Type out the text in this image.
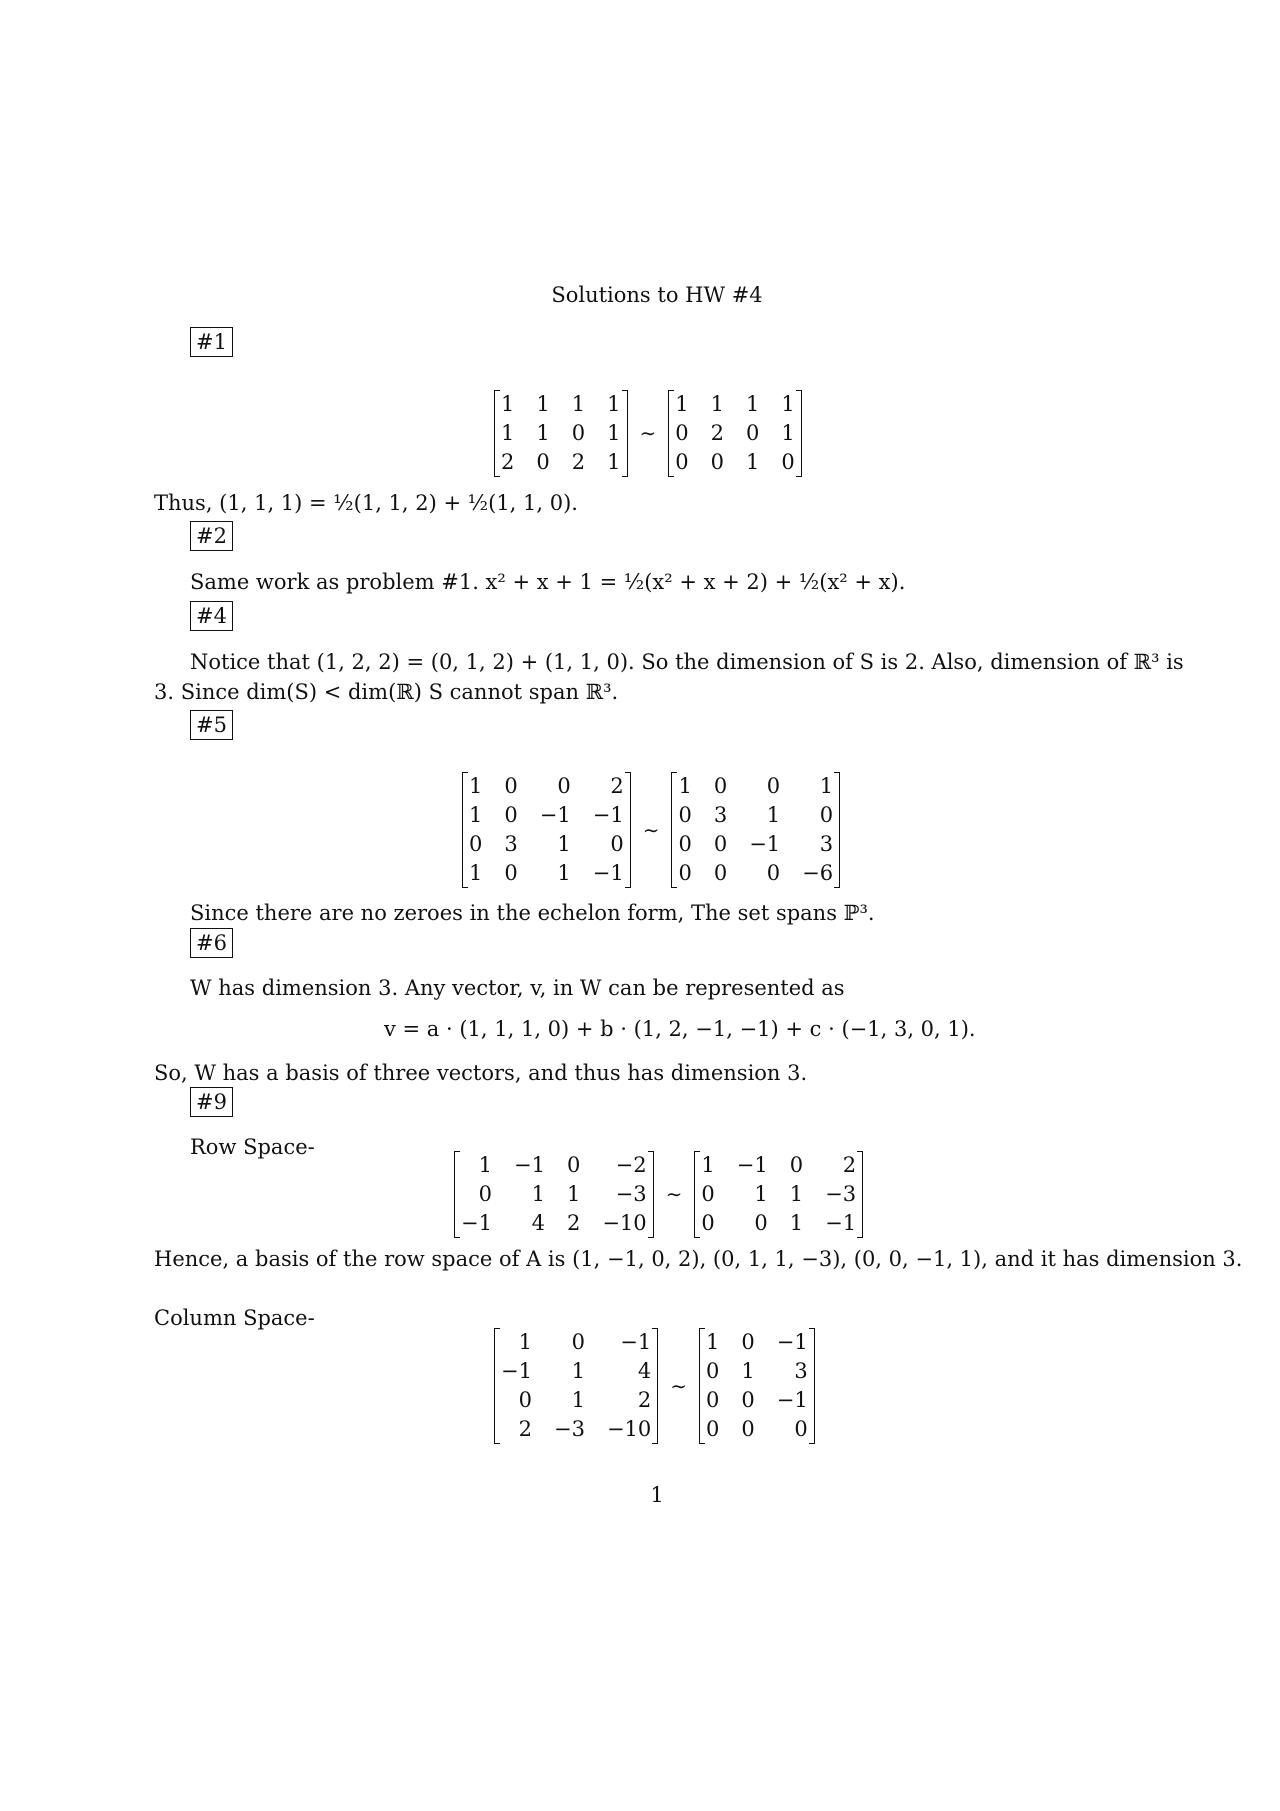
Solutions to HW #4
#1
1	1	1	1
1	1	0	1
2	0	2	1
∼
1	1	1	1
0	2	0	1
0	0	1	0
Thus, (1, 1, 1) = ½(1, 1, 2) + ½(1, 1, 0).
#2
Same work as problem #1. x² + x + 1 = ½(x² + x + 2) + ½(x² + x).
#4
Notice that (1, 2, 2) = (0, 1, 2) + (1, 1, 0). So the dimension of S is 2. Also, dimension of ℝ³ is
3. Since dim(S) < dim(ℝ) S cannot span ℝ³.
#5
1	0	0	2
1	0	−1	−1
0	3	1	0
1	0	1	−1
∼
1	0	0	1
0	3	1	0
0	0	−1	3
0	0	0	−6
Since there are no zeroes in the echelon form, The set spans ℙ³.
#6
W has dimension 3. Any vector, v, in W can be represented as
v = a · (1, 1, 1, 0) + b · (1, 2, −1, −1) + c · (−1, 3, 0, 1).
So, W has a basis of three vectors, and thus has dimension 3.
#9
Row Space-
1	−1	0	−2
0	1	1	−3
−1	4	2	−10
∼
1	−1	0	2
0	1	1	−3
0	0	1	−1
Hence, a basis of the row space of A is (1, −1, 0, 2), (0, 1, 1, −3), (0, 0, −1, 1), and it has dimension 3.
Column Space-
1	0	−1
−1	1	4
0	1	2
2	−3	−10
∼
1	0	−1
0	1	3
0	0	−1
0	0	0
1
